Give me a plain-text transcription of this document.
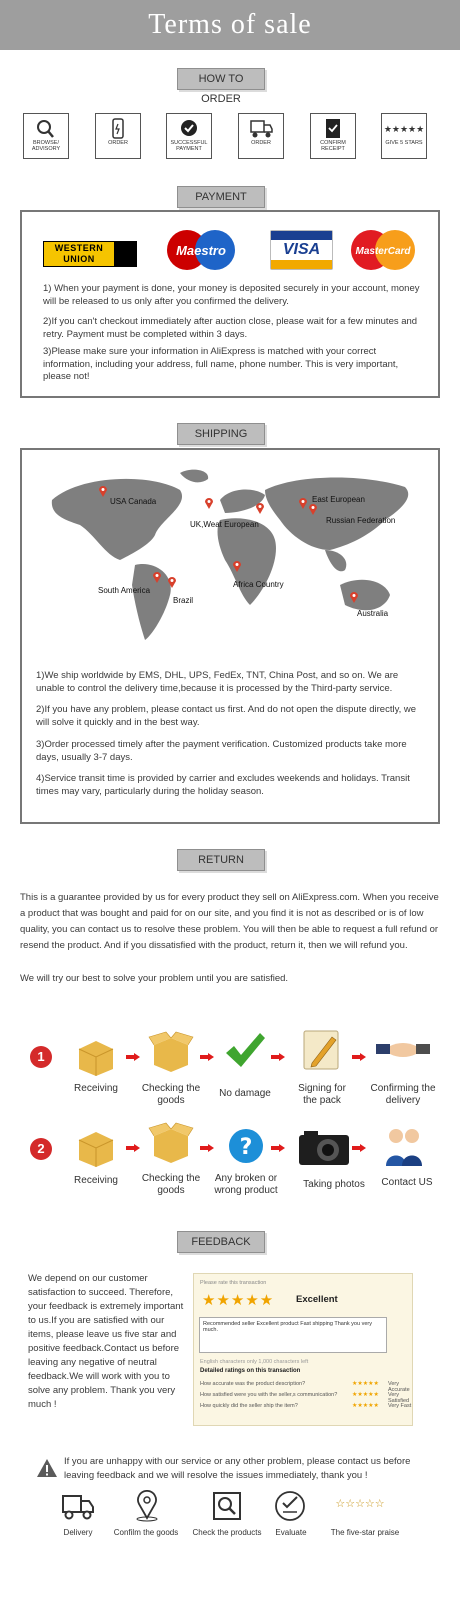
Terms of sale
HOW TO ORDER
BROWSE/ ADVISORY
ORDER	SUCCESSFUL PAYMENT
ORDER	CONFIRM RECEIPT
★★★★★
GIVE 5 STARS
PAYMENT
WESTERN UNION
Maestro	VISA	MasterCard
1) When your payment is done, your money is deposited securely in your account, money will be released to us only after you confirmed the delivery.
2)If you can't checkout immediately after auction close, please wait for a few minutes and retry. Payment must be completed within 3 days.
3)Please make sure your information in AliExpress is matched with your correct information, including your address, full name, phone number. This is very important, please not!
SHIPPING
USA Canada
UK,Weat European
East European
Russian Federation
South America
Brazil
Africa Country
Australia
1)We ship worldwide by EMS, DHL, UPS, FedEx, TNT, China Post, and so on. We are unable to control the delivery time,because it is processed by the Third-party service.
2)If you have any problem, please contact us first. And do not open the dispute directly, we will solve it quickly and in the best way.
3)Order processed timely after the payment verification. Customized products take more days, usually 3-7 days.
4)Service transit time is provided by carrier and excludes weekends and holidays. Transit times may vary, particularly during the holiday season.
RETURN
This is a guarantee provided by us for every product they sell on AliExpress.com. When you receive a product that was bought and paid for on our site, and you find it is not as described or is of low quality, you can contact us to resolve these problem. You will then be able to request a full refund or resend the product. And if you dissatisfied with the product, return it, then we will refund you.
We will try our best to solve your problem until you are satisfied.
1
Receiving	Checking the goods
No damage	Signing for the pack
Confirming the delivery
2	?
Receiving	Checking the goods
Any broken or wrong product
Taking photos	Contact US
FEEDBACK
We depend on our customer satisfaction to succeed. Therefore, your feedback is extremely important to us.If you are satisfied with our items, please leave us five star and positive feedback.Contact us before leaving any negative of neutral feedback.We will work with you to solve any problem. Thank you very much !
Please rate this transaction
★★★★★ Excellent
Recommended seller Excellent product Fast shipping Thank you very much.
English characters only 1,000 characters left
Detailed ratings on this transaction
How accurate was the product description?	★★★★★ Very Accurate
How satisfied were you with the seller,s communication? ★★★★★ Very Satisfied
How quickly did the seller ship the item?	★★★★★ Very Fast
If you are unhappy with our service or any other problem, please contact us before leaving feedback and we will resolve the issues immediately, thank you !
☆☆☆☆☆
Delivery	Confilm the goods	Check the products	Evaluate	The five-star praise
